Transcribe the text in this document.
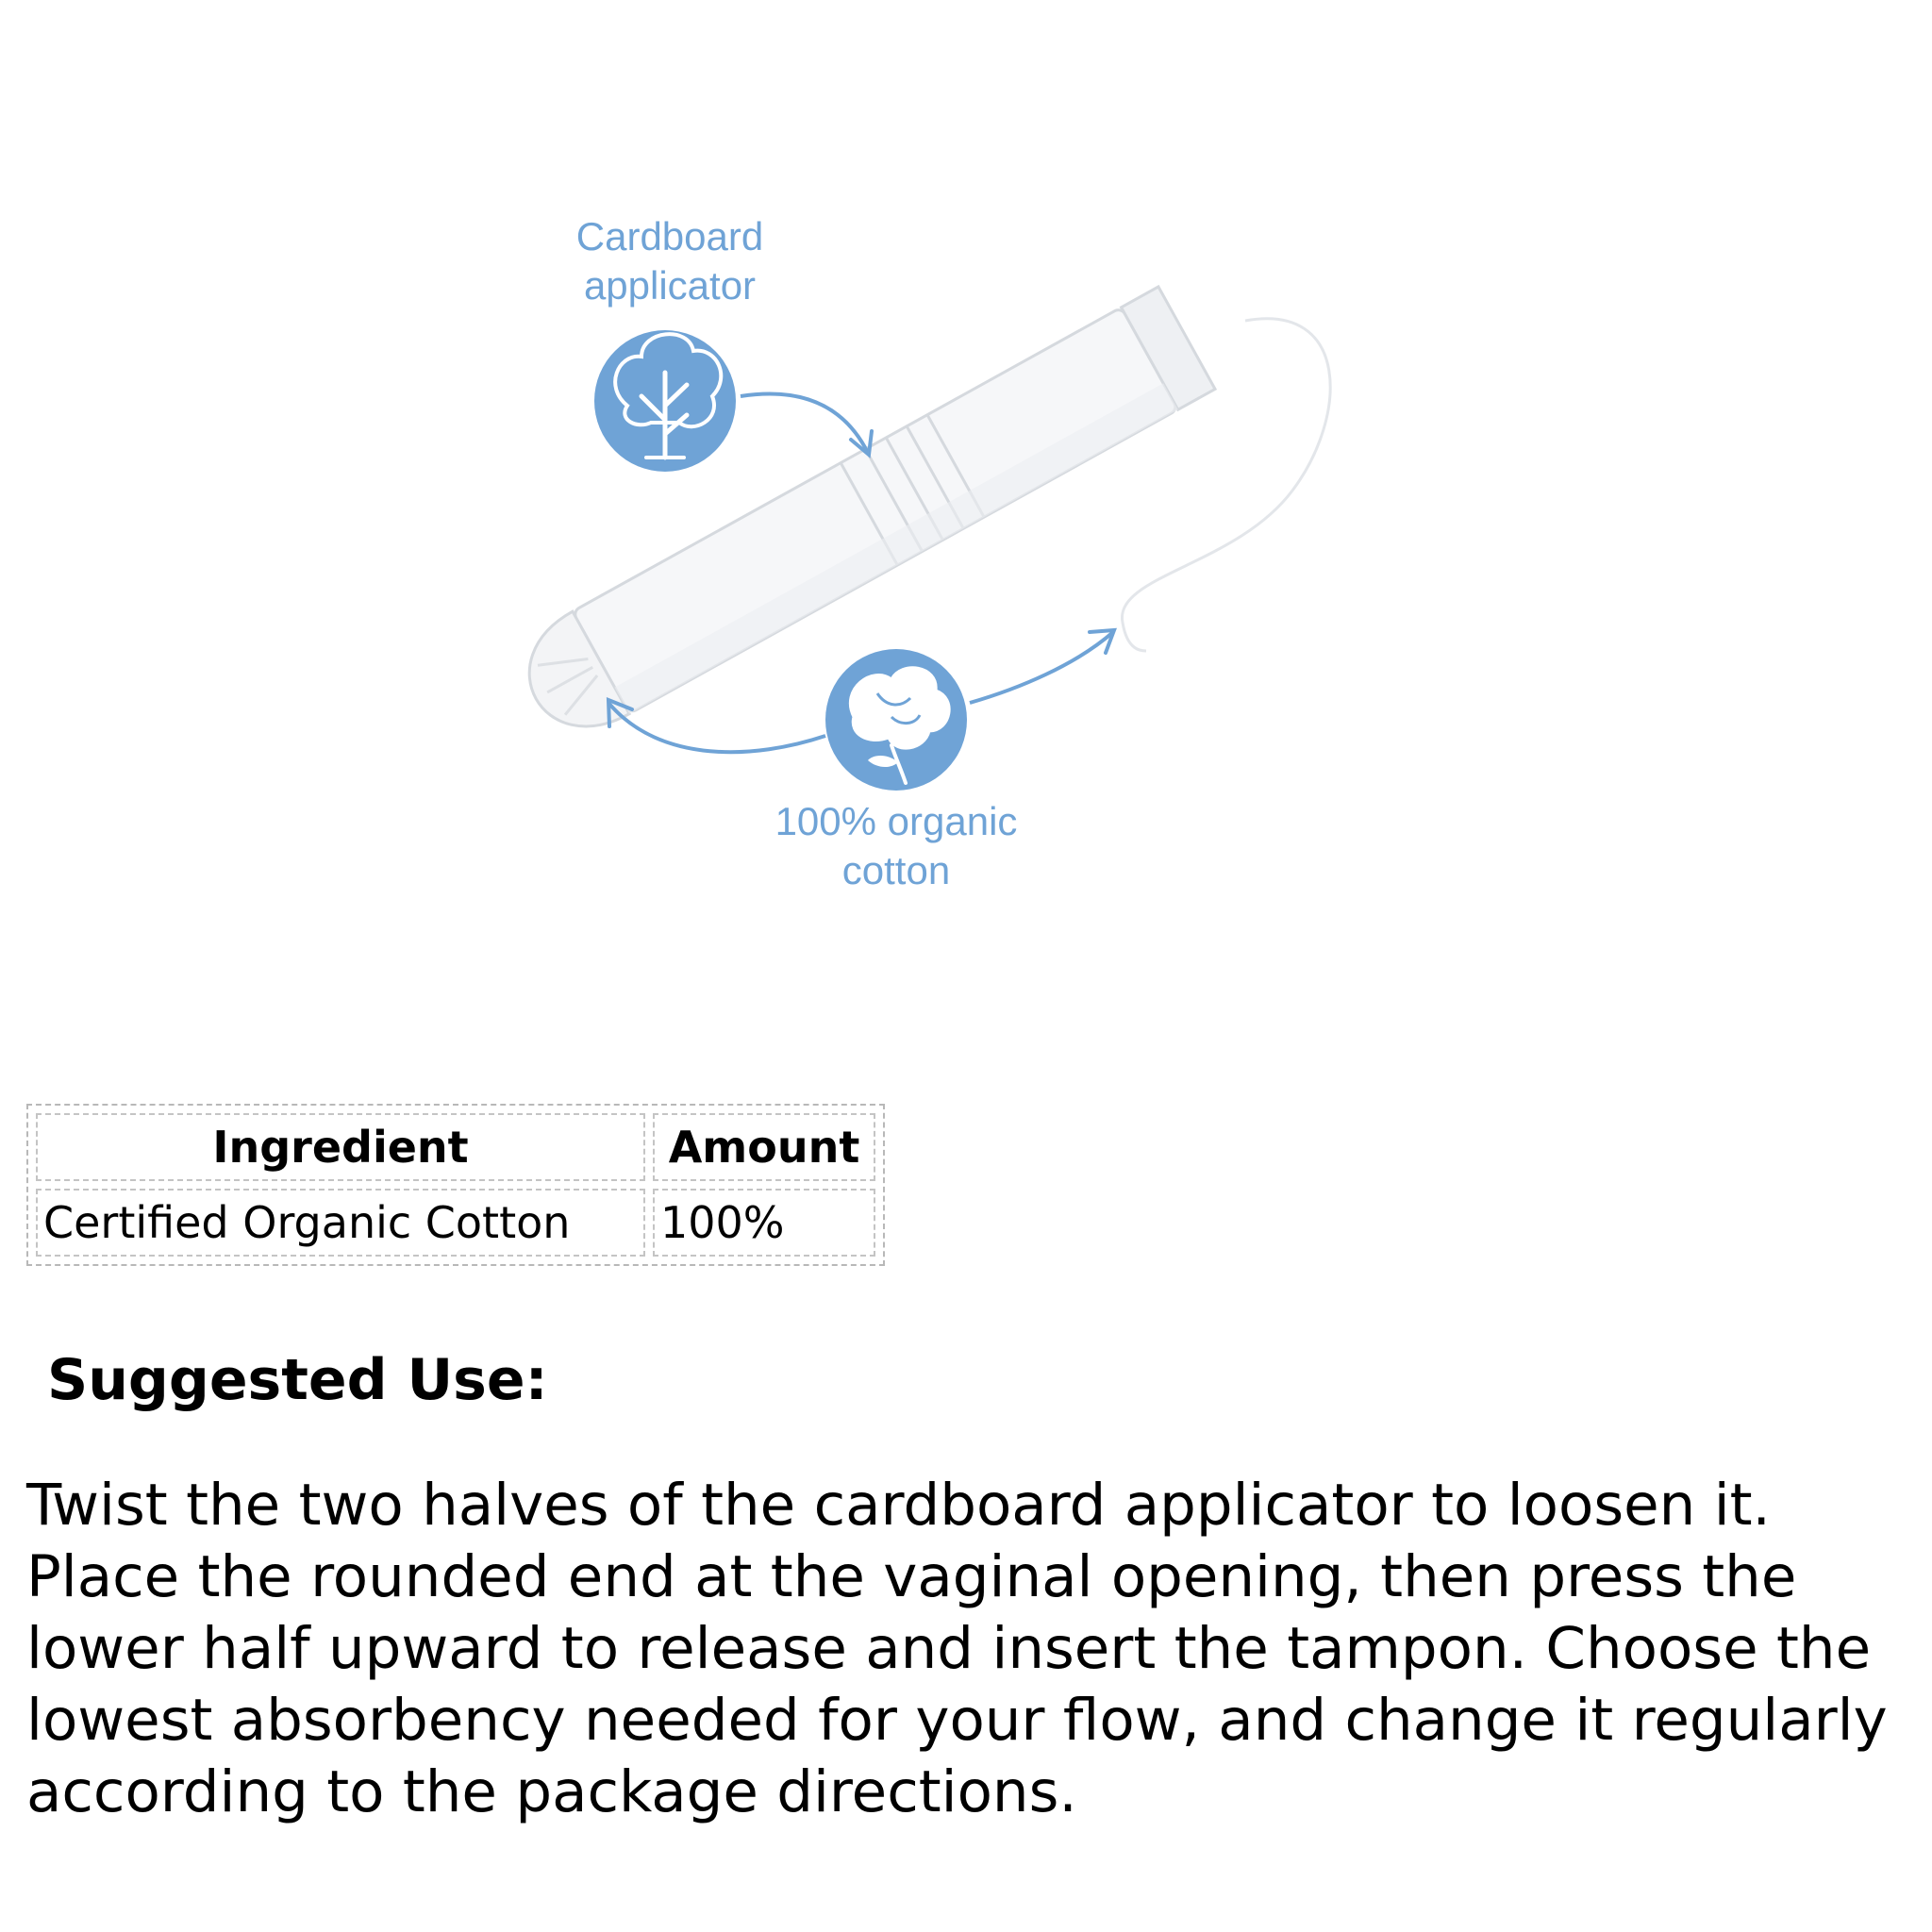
Cardboard
applicator
100% organic
cotton
Ingredient	Amount
Certified Organic Cotton	100%
Suggested Use:

Twist the two halves of the cardboard applicator to loosen it. Place the rounded end at the vaginal opening, then press the lower half upward to release and insert the tampon. Choose the lowest absorbency needed for your flow, and change it regularly according to the package directions.
